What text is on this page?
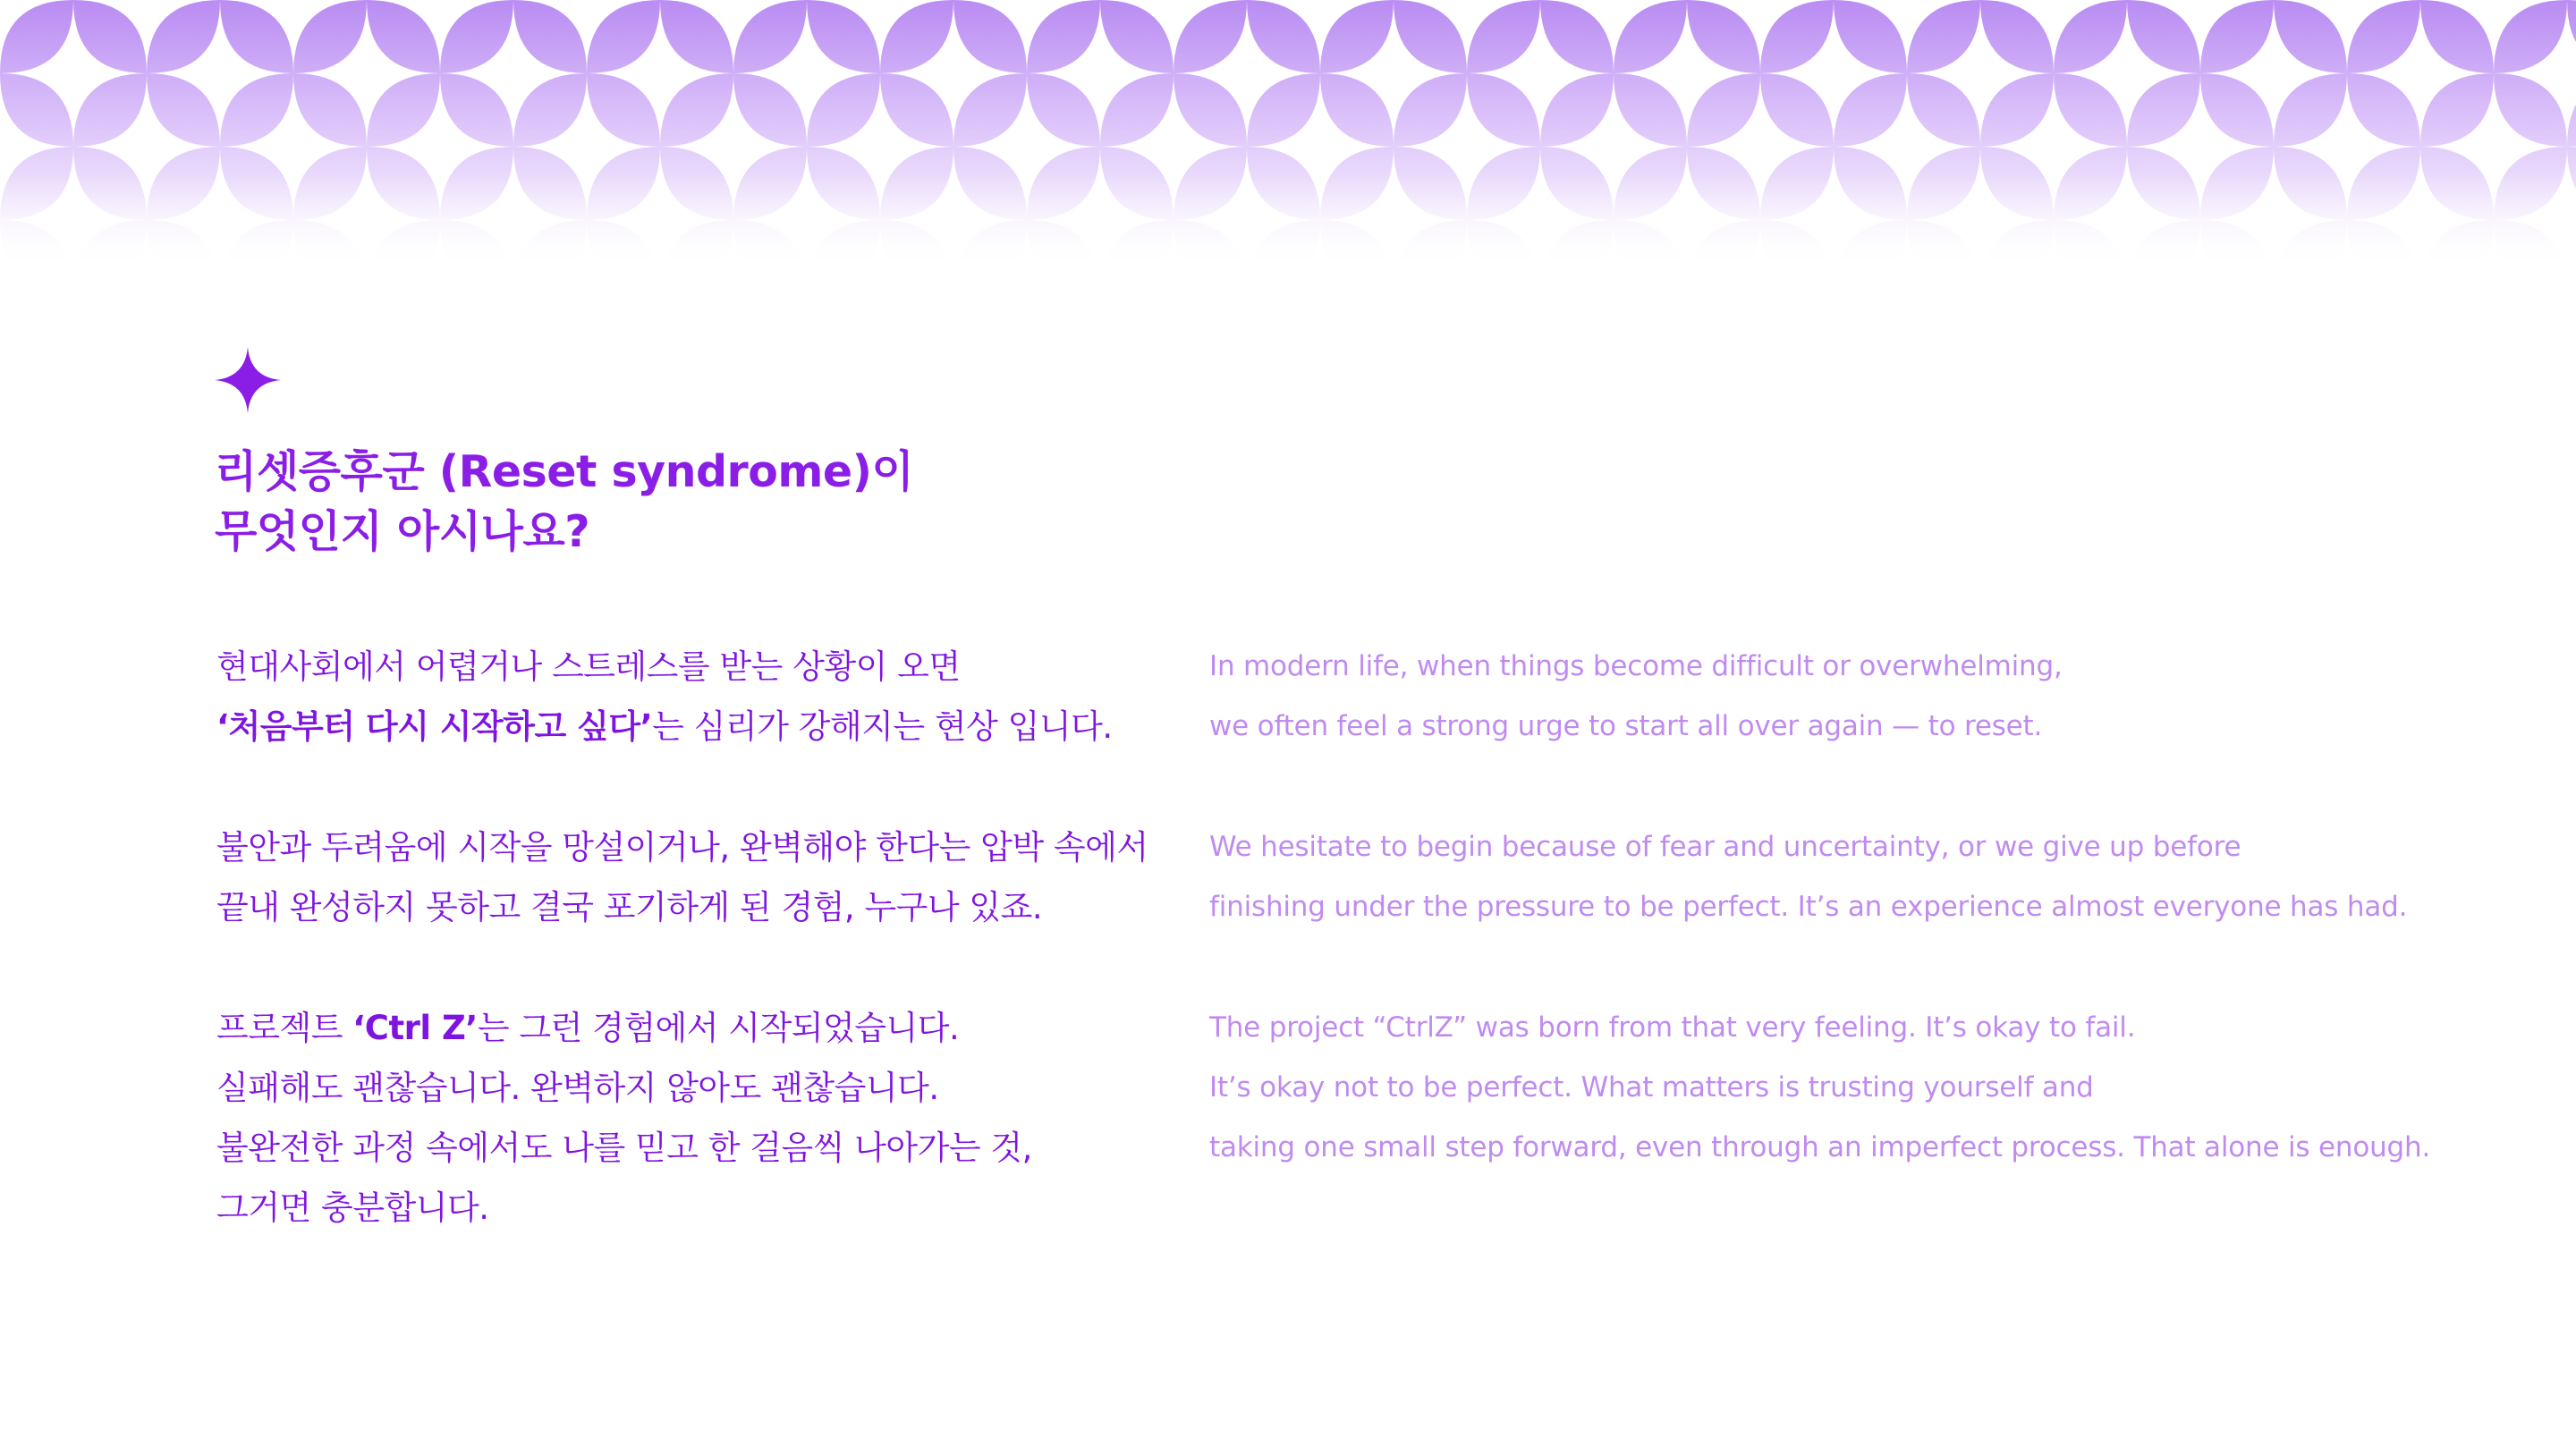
리셋증후군 (Reset syndrome)이
무엇인지 아시나요?
현대사회에서 어렵거나 스트레스를 받는 상황이 오면
‘처음부터 다시 시작하고 싶다’는 심리가 강해지는 현상 입니다.
불안과 두려움에 시작을 망설이거나, 완벽해야 한다는 압박 속에서
끝내 완성하지 못하고 결국 포기하게 된 경험, 누구나 있죠.
프로젝트 ‘Ctrl Z’는 그런 경험에서 시작되었습니다.
실패해도 괜찮습니다. 완벽하지 않아도 괜찮습니다.
불완전한 과정 속에서도 나를 믿고 한 걸음씩 나아가는 것,
그거면 충분합니다.
In modern life, when things become difficult or overwhelming,
we often feel a strong urge to start all over again — to reset.
We hesitate to begin because of fear and uncertainty, or we give up before
finishing under the pressure to be perfect. It’s an experience almost everyone has had.
The project “CtrlZ” was born from that very feeling. It’s okay to fail.
It’s okay not to be perfect. What matters is trusting yourself and
taking one small step forward, even through an imperfect process. That alone is enough.
